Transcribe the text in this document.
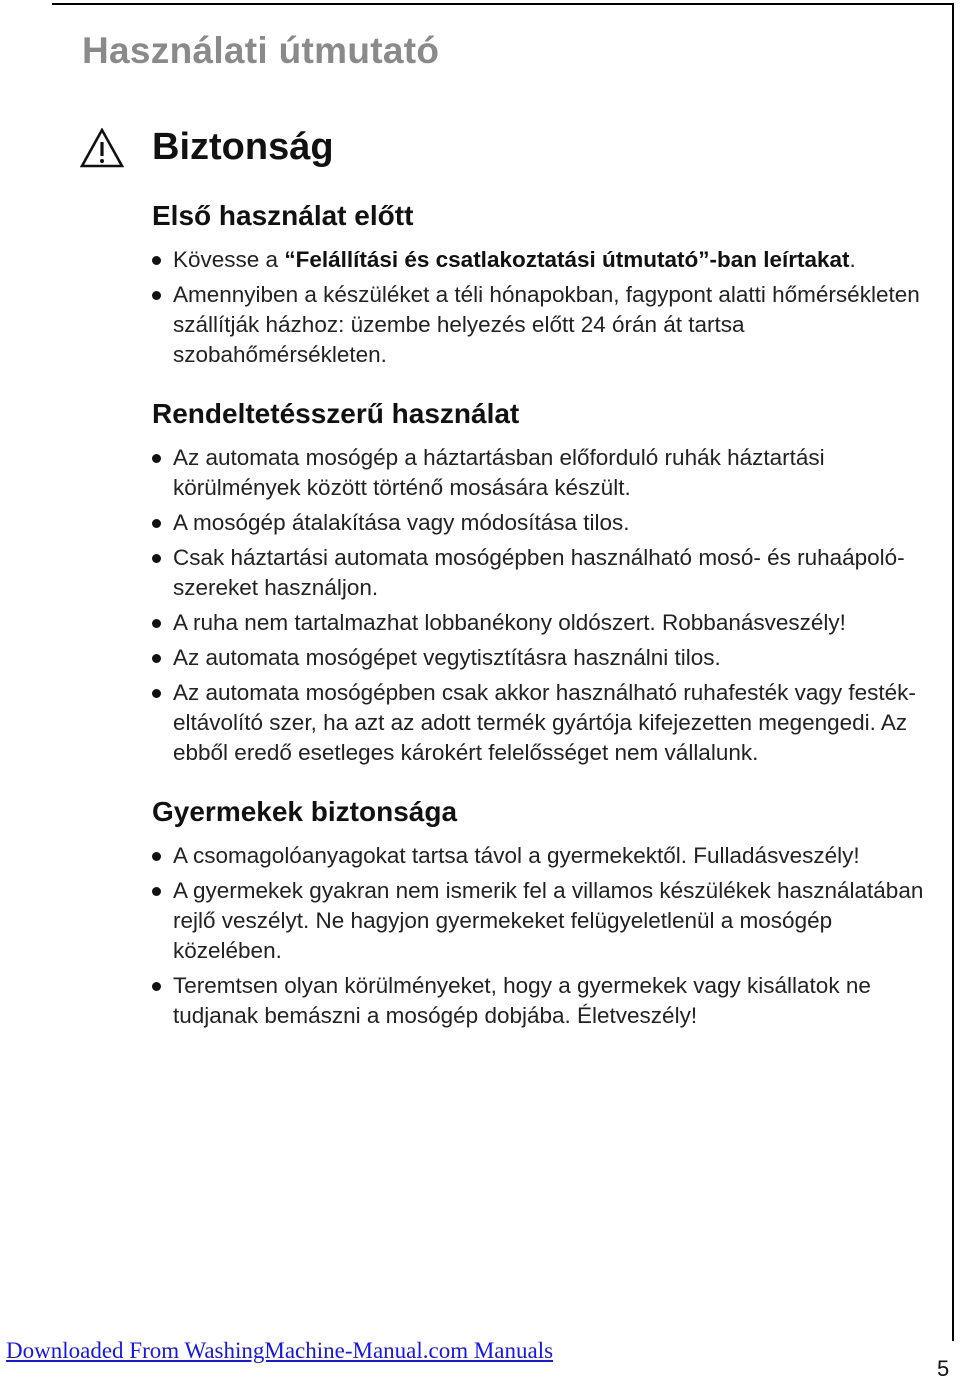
Használati útmutató
Biztonság
Első használat előtt
Kövesse a “Felállítási és csatlakoztatási útmutató”-ban leírtakat.
Amennyiben a készüléket a téli hónapokban, fagypont alatti hőmérsékleten szállítják házhoz: üzembe helyezés előtt 24 órán át tartsa szobahőmérsékleten.
Rendeltetésszerű használat
Az automata mosógép a háztartásban előforduló ruhák háztartási körülmények között történő mosására készült.
A mosógép átalakítása vagy módosítása tilos.
Csak háztartási automata mosógépben használható mosó- és ruhaápoló-szereket használjon.
A ruha nem tartalmazhat lobbanékony oldószert. Robbanásveszély!
Az automata mosógépet vegytisztításra használni tilos.
Az automata mosógépben csak akkor használható ruhafesték vagy festék-eltávolító szer, ha azt az adott termék gyártója kifejezetten megengedi. Az ebből eredő esetleges károkért felelősséget nem vállalunk.
Gyermekek biztonsága
A csomagolóanyagokat tartsa távol a gyermekektől. Fulladásveszély!
A gyermekek gyakran nem ismerik fel a villamos készülékek használatában rejlő veszélyt. Ne hagyjon gyermekeket felügyeletlenül a mosógép közelében.
Teremtsen olyan körülményeket, hogy a gyermekek vagy kisállatok ne tudjanak bemászni a mosógép dobjába. Életveszély!
Downloaded From WashingMachine-Manual.com Manuals
5
